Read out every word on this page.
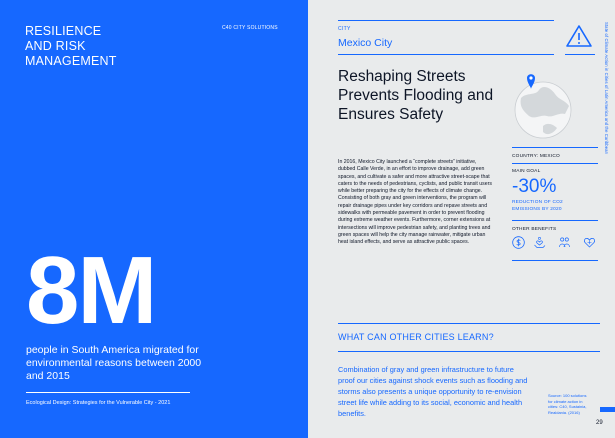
RESILIENCE
AND RISK
MANAGEMENT
C40 CITY SOLUTIONS
8M
people in South America migrated for environmental reasons between 2000 and 2015
Ecological Design: Strategies for the Vulnerable City - 2021
CITY
Mexico City	State of Climate Action in Cities of Latin America and the Caribbean
Reshaping Streets Prevents Flooding and Ensures Safety
In 2016, Mexico City launched a “complete streets” initiative, dubbed Calle Verde, in an effort to improve drainage, add green spaces, and cultivate a safer and more attractive street-scape that caters to the needs of pedestrians, cyclists, and public transit users while better preparing the city for the effects of climate change. Consisting of both gray and green interventions, the program will repair drainage pipes under key corridors and repave streets and sidewalks with permeable pavement in order to prevent flooding during extreme weather events. Furthermore, corner extensions at intersections will improve pedestrian safety, and planting trees and green spaces will help the city manage rainwater, mitigate urban heat island effects, and serve as attractive public spaces.
COUNTRY: MEXICO
MAIN GOAL
-30%
REDUCTION OF CO2 EMISSIONS BY 2020
OTHER BENEFITS
WHAT CAN OTHER CITIES LEARN?
Combination of gray and green infrastructure to future proof our cities against shock events such as flooding and storms also presents a unique opportunity to re-envision street life while adding to its social, economic and health benefits.
Source: 100 solutions for climate action in cities: C40, Sustainia, Realdania. (2016)
29
